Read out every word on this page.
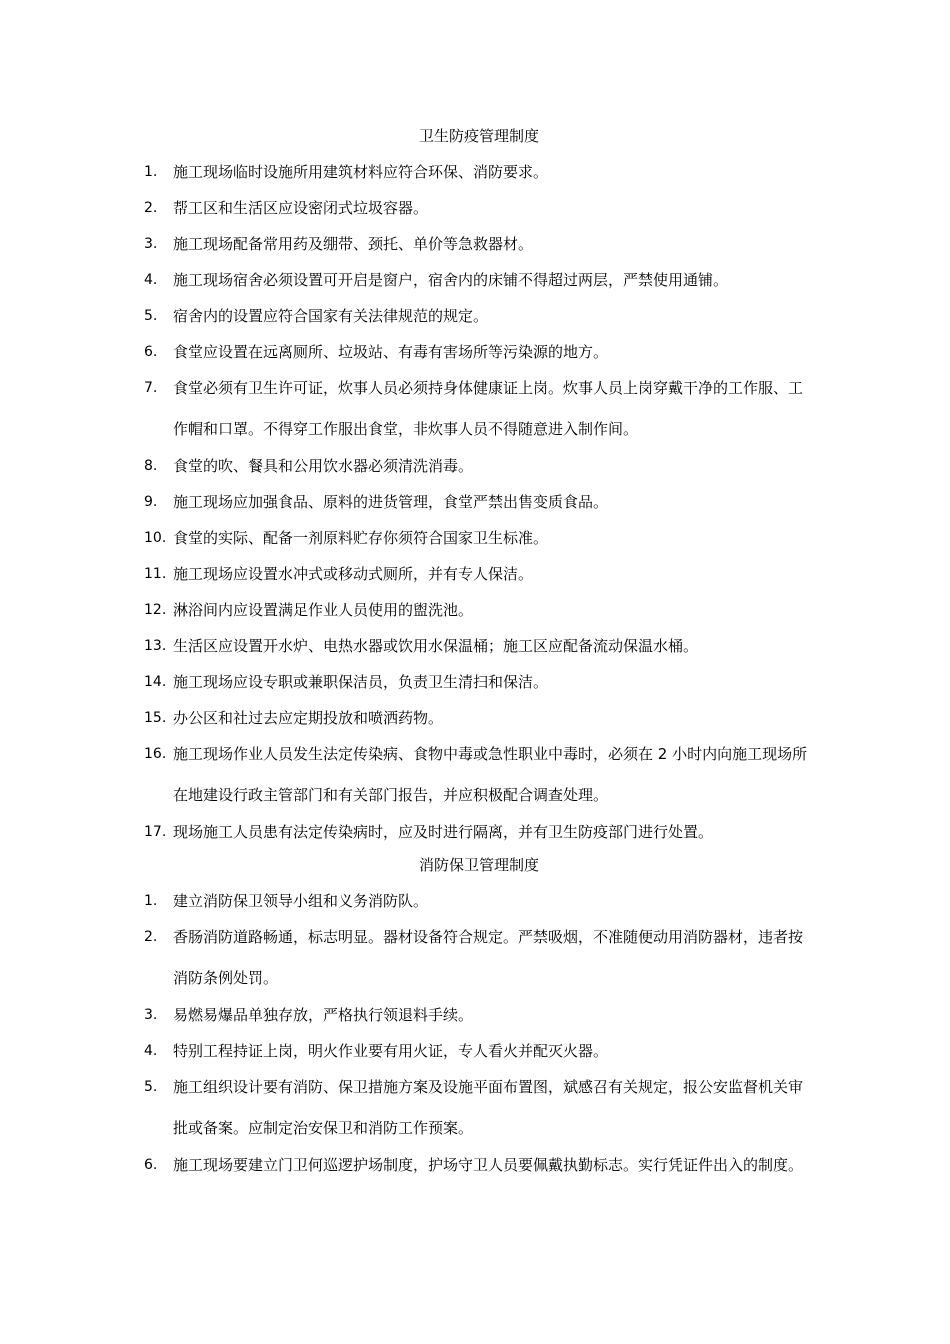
卫生防疫管理制度
1.	施工现场临时设施所用建筑材料应符合环保、消防要求。
2.	帮工区和生活区应设密闭式垃圾容器。
3.	施工现场配备常用药及绷带、颈托、单价等急救器材。
4.	施工现场宿舍必须设置可开启是窗户，宿舍内的床铺不得超过两层，严禁使用通铺。
5.	宿舍内的设置应符合国家有关法律规范的规定。
6.	食堂应设置在远离厕所、垃圾站、有毒有害场所等污染源的地方。
7.	食堂必须有卫生许可证，炊事人员必须持身体健康证上岗。炊事人员上岗穿戴干净的工作服、工作帽和口罩。不得穿工作服出食堂，非炊事人员不得随意进入制作间。
8.	食堂的吹、餐具和公用饮水器必须清洗消毒。
9.	施工现场应加强食品、原料的进货管理，食堂严禁出售变质食品。
10. 食堂的实际、配备一剂原料贮存你须符合国家卫生标准。
11. 施工现场应设置水冲式或移动式厕所，并有专人保洁。
12. 淋浴间内应设置满足作业人员使用的盥洗池。
13. 生活区应设置开水炉、电热水器或饮用水保温桶；施工区应配备流动保温水桶。
14. 施工现场应设专职或兼职保洁员，负责卫生清扫和保洁。
15. 办公区和社过去应定期投放和喷洒药物。
16. 施工现场作业人员发生法定传染病、食物中毒或急性职业中毒时，必须在 2 小时内向施工现场所在地建设行政主管部门和有关部门报告，并应积极配合调查处理。
17. 现场施工人员患有法定传染病时，应及时进行隔离，并有卫生防疫部门进行处置。
消防保卫管理制度
1.	建立消防保卫领导小组和义务消防队。
2.	香肠消防道路畅通，标志明显。器材设备符合规定。严禁吸烟，不准随便动用消防器材，违者按消防条例处罚。
3.	易燃易爆品单独存放，严格执行领退料手续。
4.	特别工程持证上岗，明火作业要有用火证，专人看火并配灭火器。
5.	施工组织设计要有消防、保卫措施方案及设施平面布置图，斌感召有关规定，报公安监督机关审批或备案。应制定治安保卫和消防工作预案。
6.	施工现场要建立门卫何巡逻护场制度，护场守卫人员要佩戴执勤标志。实行凭证件出入的制度。
